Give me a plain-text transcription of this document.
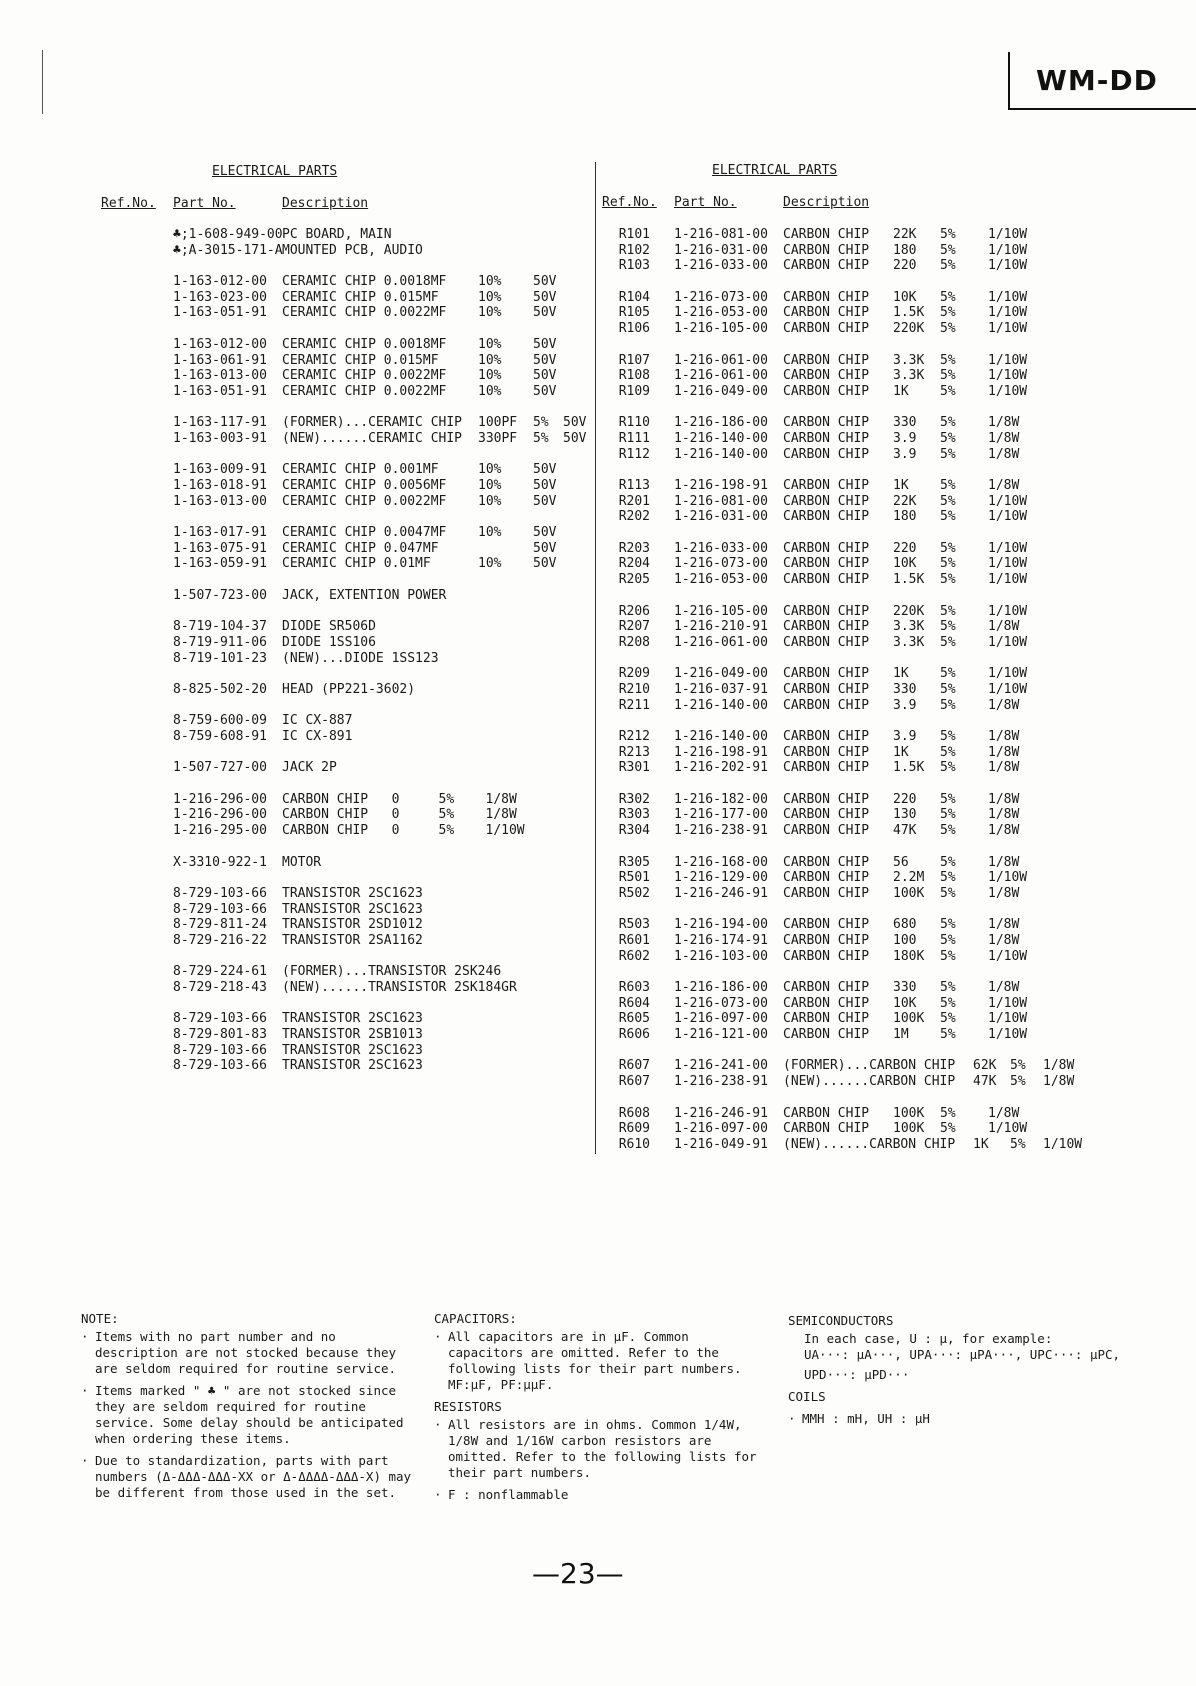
WM-DD
ELECTRICAL PARTS
Ref.No. Part No.	Description
♣;1-608-949-00 PC BOARD, MAIN
♣;A-3015-171-A MOUNTED PCB, AUDIO
1-163-012-00 CERAMIC CHIP 0.0018MF 10% 50V
1-163-023-00 CERAMIC CHIP 0.015MF	10% 50V
1-163-051-91 CERAMIC CHIP 0.0022MF 10% 50V
1-163-012-00 CERAMIC CHIP 0.0018MF 10% 50V
1-163-061-91 CERAMIC CHIP 0.015MF	10% 50V
1-163-013-00 CERAMIC CHIP 0.0022MF 10% 50V
1-163-051-91 CERAMIC CHIP 0.0022MF 10% 50V
1-163-117-91 (FORMER)...CERAMIC CHIP 100PF 5% 50V
1-163-003-91 (NEW)......CERAMIC CHIP 330PF 5% 50V
1-163-009-91 CERAMIC CHIP 0.001MF	10% 50V
1-163-018-91 CERAMIC CHIP 0.0056MF 10% 50V
1-163-013-00 CERAMIC CHIP 0.0022MF 10% 50V
1-163-017-91 CERAMIC CHIP 0.0047MF 10% 50V
1-163-075-91 CERAMIC CHIP 0.047MF	50V
1-163-059-91 CERAMIC CHIP 0.01MF	10% 50V
1-507-723-00 JACK, EXTENTION POWER
8-719-104-37 DIODE SR506D
8-719-911-06 DIODE 1SS106
8-719-101-23 (NEW)...DIODE 1SS123
8-825-502-20 HEAD (PP221-3602)
8-759-600-09 IC CX-887
8-759-608-91 IC CX-891
1-507-727-00 JACK 2P
1-216-296-00 CARBON CHIP   0     5%    1/8W
1-216-296-00 CARBON CHIP   0     5%    1/8W
1-216-295-00 CARBON CHIP   0     5%    1/10W
X-3310-922-1 MOTOR
8-729-103-66 TRANSISTOR 2SC1623
8-729-103-66 TRANSISTOR 2SC1623
8-729-811-24 TRANSISTOR 2SD1012
8-729-216-22 TRANSISTOR 2SA1162
8-729-224-61 (FORMER)...TRANSISTOR 2SK246
8-729-218-43 (NEW)......TRANSISTOR 2SK184GR
8-729-103-66 TRANSISTOR 2SC1623
8-729-801-83 TRANSISTOR 2SB1013
8-729-103-66 TRANSISTOR 2SC1623
8-729-103-66 TRANSISTOR 2SC1623
ELECTRICAL PARTS
Ref.No. Part No.	Description
R101 1-216-081-00 CARBON CHIP 22K 5% 1/10W
R102 1-216-031-00 CARBON CHIP 180 5% 1/10W
R103 1-216-033-00 CARBON CHIP 220 5% 1/10W
R104 1-216-073-00 CARBON CHIP 10K 5% 1/10W
R105 1-216-053-00 CARBON CHIP 1.5K 5% 1/10W
R106 1-216-105-00 CARBON CHIP 220K 5% 1/10W
R107 1-216-061-00 CARBON CHIP 3.3K 5% 1/10W
R108 1-216-061-00 CARBON CHIP 3.3K 5% 1/10W
R109 1-216-049-00 CARBON CHIP 1K 5% 1/10W
R110 1-216-186-00 CARBON CHIP 330 5% 1/8W
R111 1-216-140-00 CARBON CHIP 3.9 5% 1/8W
R112 1-216-140-00 CARBON CHIP 3.9 5% 1/8W
R113 1-216-198-91 CARBON CHIP 1K 5% 1/8W
R201 1-216-081-00 CARBON CHIP 22K 5% 1/10W
R202 1-216-031-00 CARBON CHIP 180 5% 1/10W
R203 1-216-033-00 CARBON CHIP 220 5% 1/10W
R204 1-216-073-00 CARBON CHIP 10K 5% 1/10W
R205 1-216-053-00 CARBON CHIP 1.5K 5% 1/10W
R206 1-216-105-00 CARBON CHIP 220K 5% 1/10W
R207 1-216-210-91 CARBON CHIP 3.3K 5% 1/8W
R208 1-216-061-00 CARBON CHIP 3.3K 5% 1/10W
R209 1-216-049-00 CARBON CHIP 1K 5% 1/10W
R210 1-216-037-91 CARBON CHIP 330 5% 1/10W
R211 1-216-140-00 CARBON CHIP 3.9 5% 1/8W
R212 1-216-140-00 CARBON CHIP 3.9 5% 1/8W
R213 1-216-198-91 CARBON CHIP 1K 5% 1/8W
R301 1-216-202-91 CARBON CHIP 1.5K 5% 1/8W
R302 1-216-182-00 CARBON CHIP 220 5% 1/8W
R303 1-216-177-00 CARBON CHIP 130 5% 1/8W
R304 1-216-238-91 CARBON CHIP 47K 5% 1/8W
R305 1-216-168-00 CARBON CHIP 56 5% 1/8W
R501 1-216-129-00 CARBON CHIP 2.2M 5% 1/10W
R502 1-216-246-91 CARBON CHIP 100K 5% 1/8W
R503 1-216-194-00 CARBON CHIP 680 5% 1/8W
R601 1-216-174-91 CARBON CHIP 100 5% 1/8W
R602 1-216-103-00 CARBON CHIP 180K 5% 1/10W
R603 1-216-186-00 CARBON CHIP 330 5% 1/8W
R604 1-216-073-00 CARBON CHIP 10K 5% 1/10W
R605 1-216-097-00 CARBON CHIP 100K 5% 1/10W
R606 1-216-121-00 CARBON CHIP 1M 5% 1/10W
R607 1-216-241-00 (FORMER)...CARBON CHIP 62K 5% 1/8W
R607 1-216-238-91 (NEW)......CARBON CHIP 47K 5% 1/8W
R608 1-216-246-91 CARBON CHIP 100K 5% 1/8W
R609 1-216-097-00 CARBON CHIP 100K 5% 1/10W
R610 1-216-049-91 (NEW)......CARBON CHIP 1K 5% 1/10W
NOTE:
· Items with no part number and no description are not stocked because they are seldom required for routine service.
· Items marked " ♣ " are not stocked since they are seldom required for routine service. Some delay should be anticipated when ordering these items.
· Due to standardization, parts with part numbers (Δ-ΔΔΔ-ΔΔΔ-XX or Δ-ΔΔΔΔ-ΔΔΔ-X) may be different from those used in the set.
CAPACITORS:
· All capacitors are in μF. Common capacitors are omitted. Refer to the following lists for their part numbers. MF:μF, PF:μμF.
RESISTORS
· All resistors are in ohms. Common 1/4W, 1/8W and 1/16W carbon resistors are omitted. Refer to the following lists for their part numbers.
· F : nonflammable
SEMICONDUCTORS
In each case, U : μ, for example:
UA···: μA···, UPA···: μPA···, UPC···: μPC,
UPD···: μPD···
COILS
· MMH : mH, UH : μH
—23—
